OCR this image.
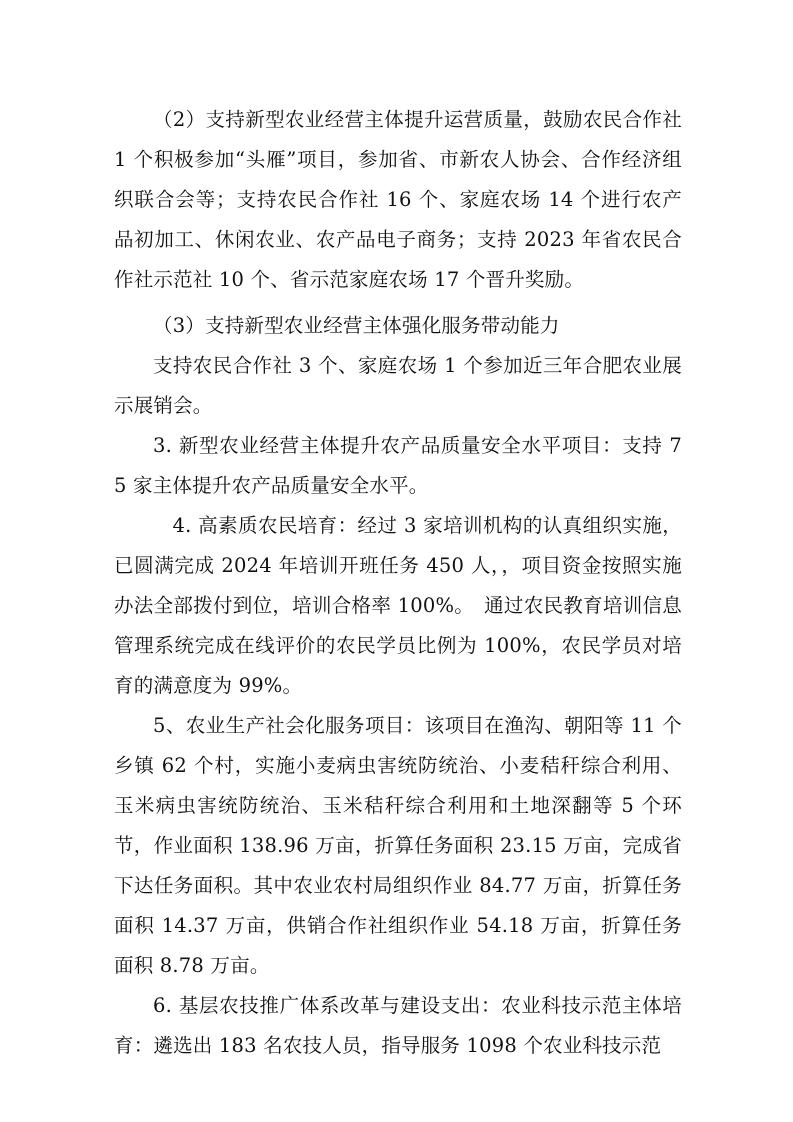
（2）支持新型农业经营主体提升运营质量，鼓励农民合作社 1 个积极参加“头雁”项目，参加省、市新农人协会、合作经济组织联合会等；支持农民合作社 16 个、家庭农场 14 个进行农产品初加工、休闲农业、农产品电子商务；支持 2023 年省农民合作社示范社 10 个、省示范家庭农场 17 个晋升奖励。

（3）支持新型农业经营主体强化服务带动能力

支持农民合作社 3 个、家庭农场 1 个参加近三年合肥农业展示展销会。

3. 新型农业经营主体提升农产品质量安全水平项目：支持 75 家主体提升农产品质量安全水平。

4. 高素质农民培育：经过 3 家培训机构的认真组织实施，已圆满完成 2024 年培训开班任务 450 人，，项目资金按照实施办法全部拨付到位，培训合格率 100%。　通过农民教育培训信息管理系统完成在线评价的农民学员比例为 100%，农民学员对培育的满意度为 99%。

5、农业生产社会化服务项目：该项目在渔沟、朝阳等 11 个乡镇 62 个村，实施小麦病虫害统防统治、小麦秸秆综合利用、玉米病虫害统防统治、玉米秸秆综合利用和土地深翻等 5 个环节，作业面积 138.96 万亩，折算任务面积 23.15 万亩，完成省下达任务面积。其中农业农村局组织作业 84.77 万亩，折算任务面积 14.37 万亩，供销合作社组织作业 54.18 万亩，折算任务面积 8.78 万亩。

6. 基层农技推广体系改革与建设支出：农业科技示范主体培育：遴选出 183 名农技人员，指导服务 1098 个农业科技示范
